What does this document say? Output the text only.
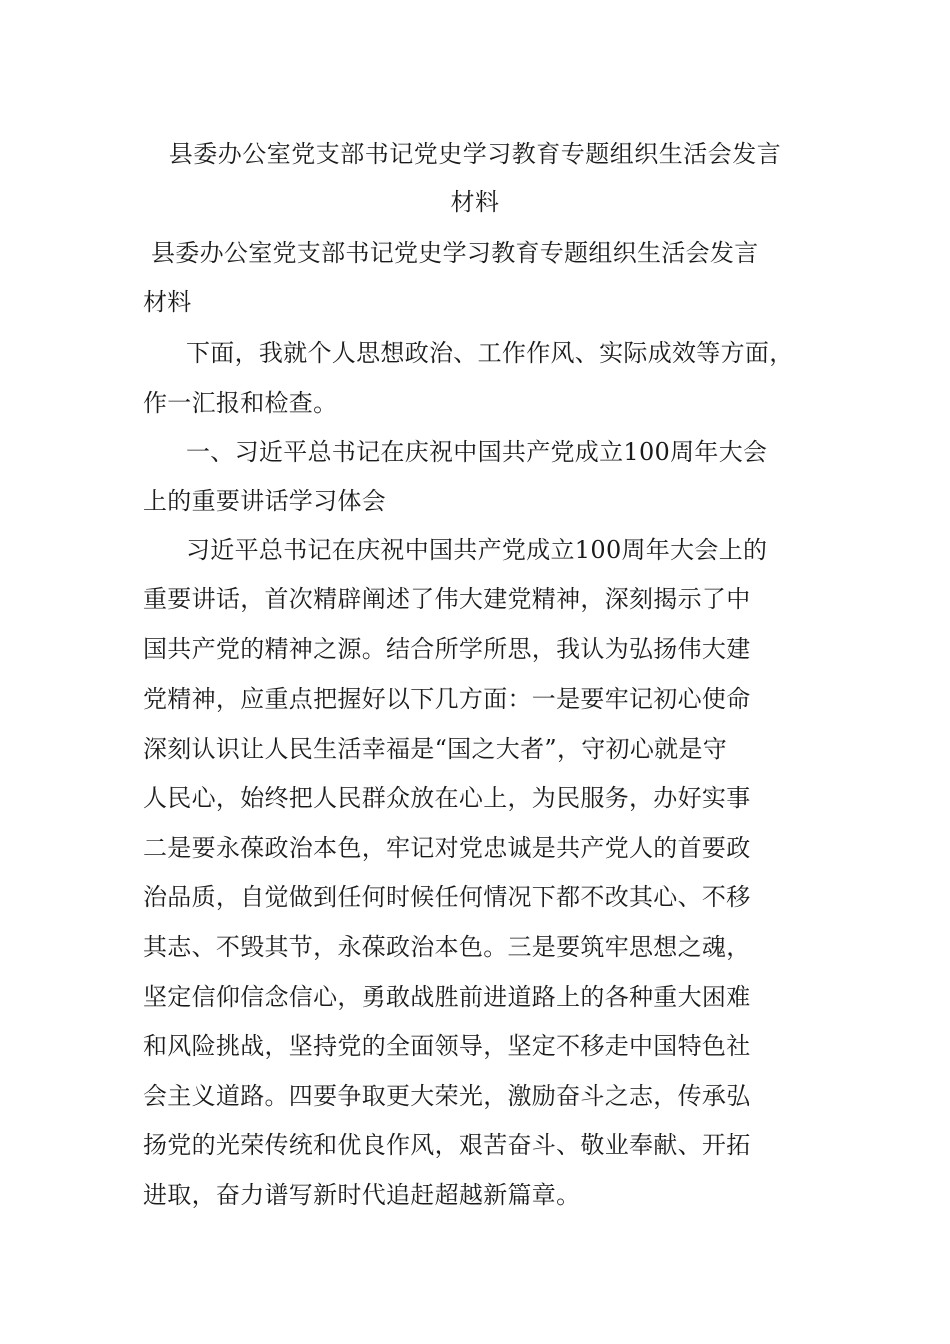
县委办公室党支部书记党史学习教育专题组织生活会发言
材料
县委办公室党支部书记党史学习教育专题组织生活会发言
材料
下面，我就个人思想政治、工作作风、实际成效等方面，
作一汇报和检查。
一、习近平总书记在庆祝中国共产党成立100周年大会
上的重要讲话学习体会
习近平总书记在庆祝中国共产党成立100周年大会上的
重要讲话，首次精辟阐述了伟大建党精神，深刻揭示了中
国共产党的精神之源。结合所学所思，我认为弘扬伟大建
党精神，应重点把握好以下几方面：一是要牢记初心使命
深刻认识让人民生活幸福是“国之大者”，守初心就是守
人民心，始终把人民群众放在心上，为民服务，办好实事
二是要永葆政治本色，牢记对党忠诚是共产党人的首要政
治品质，自觉做到任何时候任何情况下都不改其心、不移
其志、不毁其节，永葆政治本色。三是要筑牢思想之魂，
坚定信仰信念信心，勇敢战胜前进道路上的各种重大困难
和风险挑战，坚持党的全面领导，坚定不移走中国特色社
会主义道路。四要争取更大荣光，激励奋斗之志，传承弘
扬党的光荣传统和优良作风，艰苦奋斗、敬业奉献、开拓
进取，奋力谱写新时代追赶超越新篇章。
